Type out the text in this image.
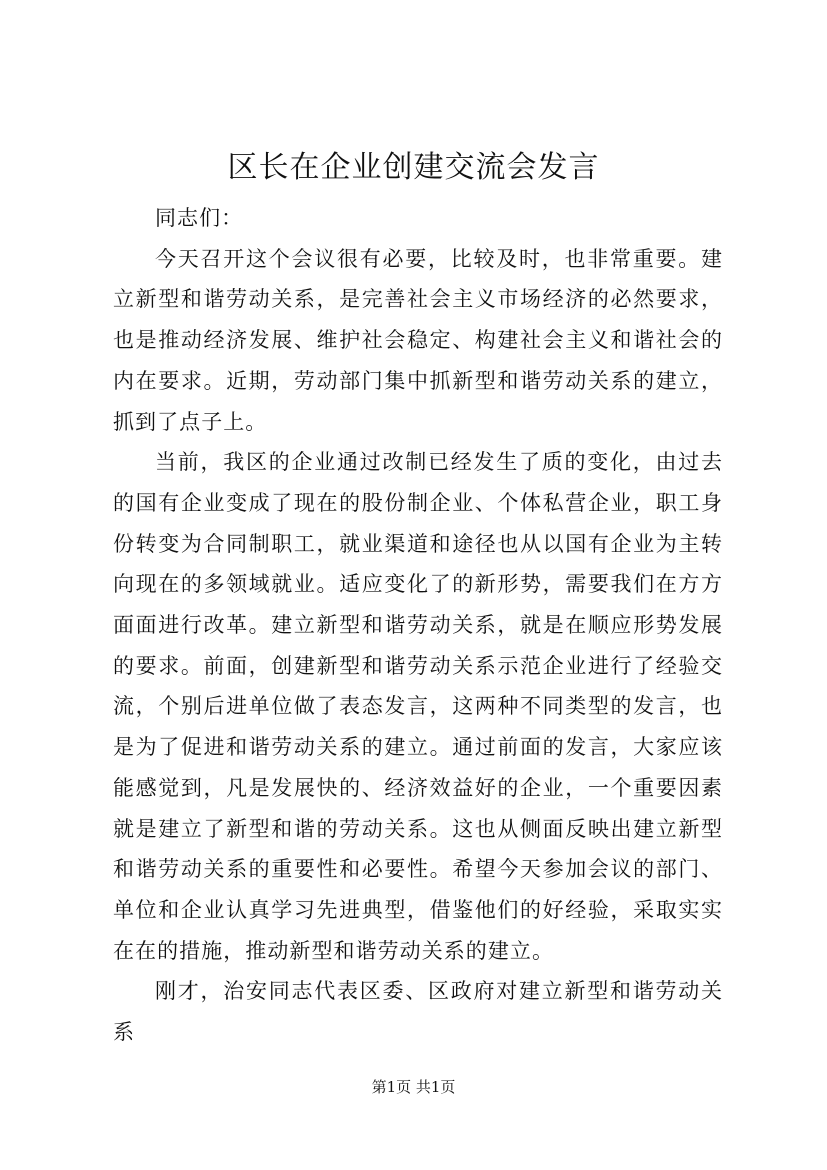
区长在企业创建交流会发言

同志们：

今天召开这个会议很有必要，比较及时，也非常重要。建立新型和谐劳动关系，是完善社会主义市场经济的必然要求，也是推动经济发展、维护社会稳定、构建社会主义和谐社会的内在要求。近期，劳动部门集中抓新型和谐劳动关系的建立，抓到了点子上。

当前，我区的企业通过改制已经发生了质的变化，由过去的国有企业变成了现在的股份制企业、个体私营企业，职工身份转变为合同制职工，就业渠道和途径也从以国有企业为主转向现在的多领域就业。适应变化了的新形势，需要我们在方方面面进行改革。建立新型和谐劳动关系，就是在顺应形势发展的要求。前面，创建新型和谐劳动关系示范企业进行了经验交流，个别后进单位做了表态发言，这两种不同类型的发言，也是为了促进和谐劳动关系的建立。通过前面的发言，大家应该能感觉到，凡是发展快的、经济效益好的企业，一个重要因素就是建立了新型和谐的劳动关系。这也从侧面反映出建立新型和谐劳动关系的重要性和必要性。希望今天参加会议的部门、单位和企业认真学习先进典型，借鉴他们的好经验，采取实实在在的措施，推动新型和谐劳动关系的建立。

刚才，治安同志代表区委、区政府对建立新型和谐劳动关系

第1页 共1页
